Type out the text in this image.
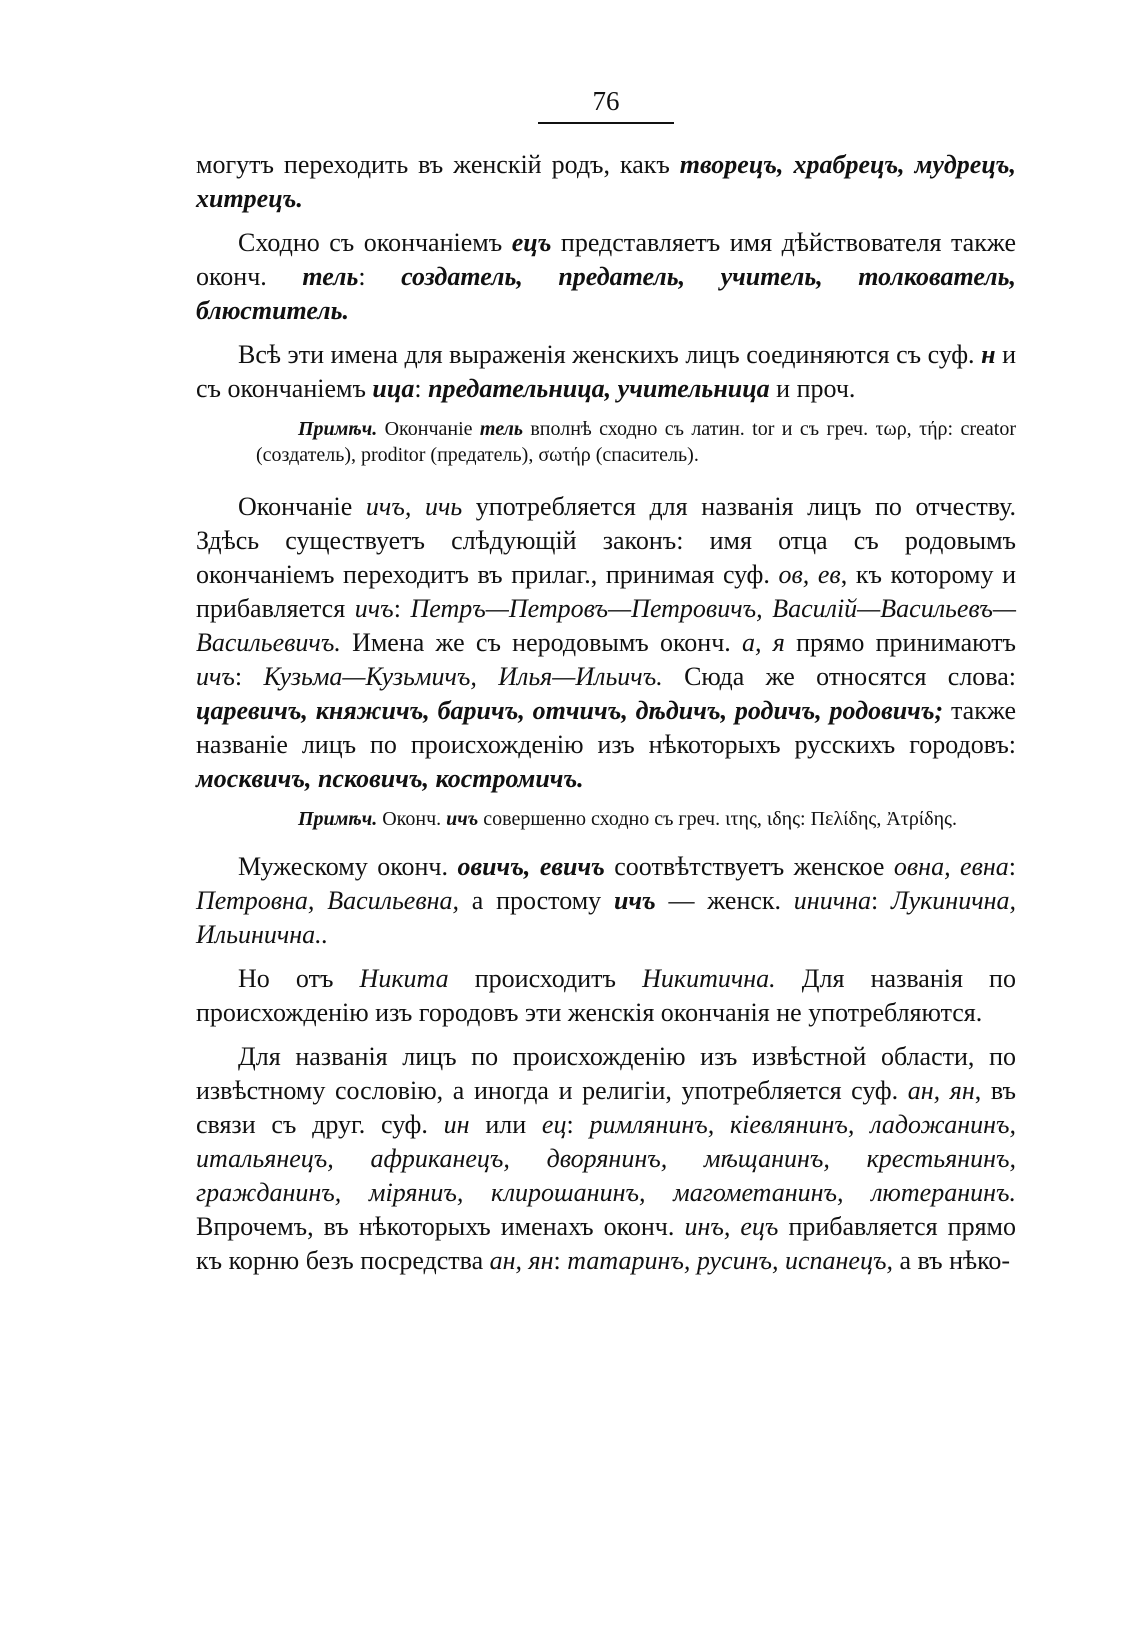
76

могутъ переходить въ женскій родъ, какъ творецъ, храбрецъ, мудрецъ, хитрецъ.

Сходно съ окончаніемъ ецъ представляетъ имя дѣйствователя также оконч. тель: создатель, предатель, учитель, толкователь, блюститель.

Всѣ эти имена для выраженія женскихъ лицъ соединяются съ суф. н и съ окончаніемъ ица: предательница, учительница и проч.

Примѣч. Окончаніе тель вполнѣ сходно съ латин. tor и съ греч. τωρ, τήρ: creator (создатель), proditor (предатель), σωτήρ (спаситель).

Окончаніе ичъ, ичь употребляется для названія лицъ по отчеству. Здѣсь существуетъ слѣдующій законъ: имя отца съ родовымъ окончаніемъ переходитъ въ прилаг., принимая суф. ов, ев, къ которому и прибавляется ичъ: Петръ—Петровъ—Петровичъ, Василій—Васильевъ—Васильевичъ. Имена же съ неродовымъ оконч. а, я прямо принимаютъ ичъ: Кузьма—Кузьмичъ, Илья—Ильичъ. Сюда же относятся слова: царевичъ, княжичъ, баричъ, отчичъ, дѣдичъ, родичъ, родовичъ; также названіе лицъ по происхожденію изъ нѣкоторыхъ русскихъ городовъ: москвичъ, псковичъ, костромичъ.

Примѣч. Оконч. ичъ совершенно сходно съ греч. ιτης, ιδης: Πελίδης, Ἀτρίδης.

Мужескому оконч. овичъ, евичъ соотвѣтствуетъ женское овна, евна: Петровна, Васильевна, а простому ичъ — женск. инична: Лукинична, Ильинична..

Но отъ Никита происходитъ Никитична. Для названія по происхожденію изъ городовъ эти женскія окончанія не употребляются.

Для названія лицъ по происхожденію изъ извѣстной области, по извѣстному сословію, а иногда и религіи, употребляется суф. ан, ян, въ связи съ друг. суф. ин или ец: римлянинъ, кіевлянинъ, ладожанинъ, итальянецъ, африканецъ, дворянинъ, мѣщанинъ, крестьянинъ, гражданинъ, міряниъ, клирошанинъ, магометанинъ, лютеранинъ. Впрочемъ, въ нѣкоторыхъ именахъ оконч. инъ, ецъ прибавляется прямо къ корню безъ посредства ан, ян: татаринъ, русинъ, испанецъ, а въ нѣко-
